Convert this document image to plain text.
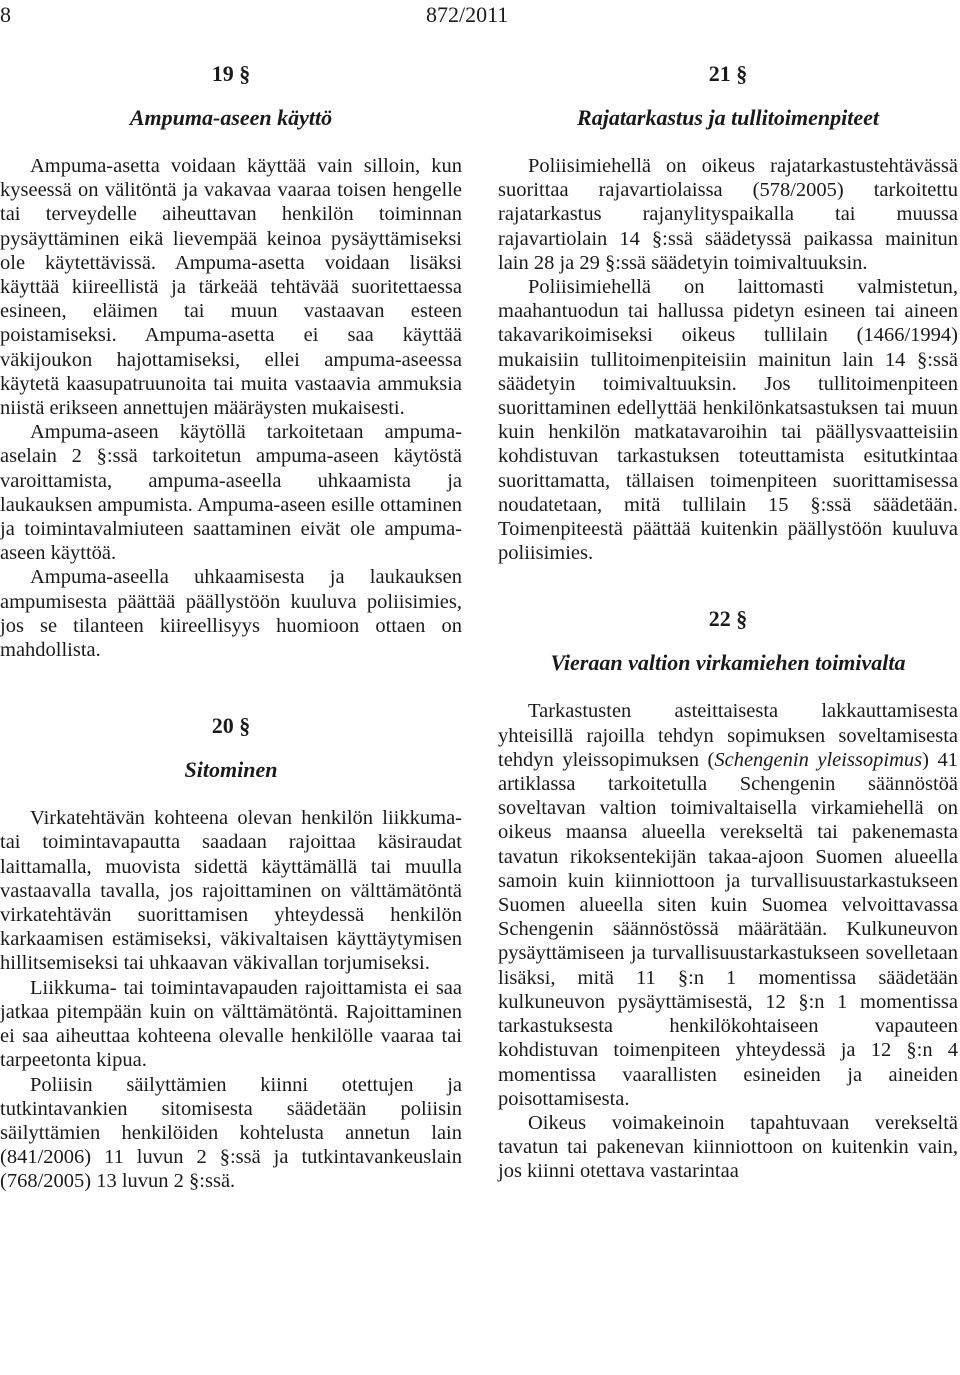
8	872/2011
19 §
Ampuma-aseen käyttö

Ampuma-asetta voidaan käyttää vain silloin, kun kyseessä on välitöntä ja vakavaa vaaraa toisen hengelle tai terveydelle aiheuttavan henkilön toiminnan pysäyttäminen eikä lievempää keinoa pysäyttämiseksi ole käytettävissä. Ampuma-asetta voidaan lisäksi käyttää kiireellistä ja tärkeää tehtävää suoritettaessa esineen, eläimen tai muun vastaavan esteen poistamiseksi. Ampuma-asetta ei saa käyttää väkijoukon hajottamiseksi, ellei ampuma-aseessa käytetä kaasupatruunoita tai muita vastaavia ammuksia niistä erikseen annettujen määräysten mukaisesti.

Ampuma-aseen käytöllä tarkoitetaan ampuma-aselain 2 §:ssä tarkoitetun ampuma-aseen käytöstä varoittamista, ampuma-aseella uhkaamista ja laukauksen ampumista. Ampuma-aseen esille ottaminen ja toimintavalmiuteen saattaminen eivät ole ampuma-aseen käyttöä.

Ampuma-aseella uhkaamisesta ja laukauksen ampumisesta päättää päällystöön kuuluva poliisimies, jos se tilanteen kiireellisyys huomioon ottaen on mahdollista.

20 §
Sitominen

Virkatehtävän kohteena olevan henkilön liikkuma- tai toimintavapautta saadaan rajoittaa käsiraudat laittamalla, muovista sidettä käyttämällä tai muulla vastaavalla tavalla, jos rajoittaminen on välttämätöntä virkatehtävän suorittamisen yhteydessä henkilön karkaamisen estämiseksi, väkivaltaisen käyttäytymisen hillitsemiseksi tai uhkaavan väkivallan torjumiseksi.

Liikkuma- tai toimintavapauden rajoittamista ei saa jatkaa pitempään kuin on välttämätöntä. Rajoittaminen ei saa aiheuttaa kohteena olevalle henkilölle vaaraa tai tarpeetonta kipua.

Poliisin säilyttämien kiinni otettujen ja tutkintavankien sitomisesta säädetään poliisin säilyttämien henkilöiden kohtelusta annetun lain (841/2006) 11 luvun 2 §:ssä ja tutkintavankeuslain (768/2005) 13 luvun 2 §:ssä.

21 §
Rajatarkastus ja tullitoimenpiteet

Poliisimiehellä on oikeus rajatarkastustehtävässä suorittaa rajavartiolaissa (578/2005) tarkoitettu rajatarkastus rajanylityspaikalla tai muussa rajavartiolain 14 §:ssä säädetyssä paikassa mainitun lain 28 ja 29 §:ssä säädetyin toimivaltuuksin.

Poliisimiehellä on laittomasti valmistetun, maahantuodun tai hallussa pidetyn esineen tai aineen takavarikoimiseksi oikeus tullilain (1466/1994) mukaisiin tullitoimenpiteisiin mainitun lain 14 §:ssä säädetyin toimivaltuuksin. Jos tullitoimenpiteen suorittaminen edellyttää henkilönkatsastuksen tai muun kuin henkilön matkatavaroihin tai päällysvaatteisiin kohdistuvan tarkastuksen toteuttamista esitutkintaa suorittamatta, tällaisen toimenpiteen suorittamisessa noudatetaan, mitä tullilain 15 §:ssä säädetään. Toimenpiteestä päättää kuitenkin päällystöön kuuluva poliisimies.

22 §
Vieraan valtion virkamiehen toimivalta

Tarkastusten asteittaisesta lakkauttamisesta yhteisillä rajoilla tehdyn sopimuksen soveltamisesta tehdyn yleissopimuksen (Schengenin yleissopimus) 41 artiklassa tarkoitetulla Schengenin säännöstöä soveltavan valtion toimivaltaisella virkamiehellä on oikeus maansa alueella verekseltä tai pakenemasta tavatun rikoksentekijän takaa-ajoon Suomen alueella samoin kuin kiinniottoon ja turvallisuustarkastukseen Suomen alueella siten kuin Suomea velvoittavassa Schengenin säännöstössä määrätään. Kulkuneuvon pysäyttämiseen ja turvallisuustarkastukseen sovelletaan lisäksi, mitä 11 §:n 1 momentissa säädetään kulkuneuvon pysäyttämisestä, 12 §:n 1 momentissa tarkastuksesta henkilökohtaiseen vapauteen kohdistuvan toimenpiteen yhteydessä ja 12 §:n 4 momentissa vaarallisten esineiden ja aineiden poisottamisesta.

Oikeus voimakeinoin tapahtuvaan verekseltä tavatun tai pakenevan kiinniottoon on kuitenkin vain, jos kiinni otettava vastarintaa
